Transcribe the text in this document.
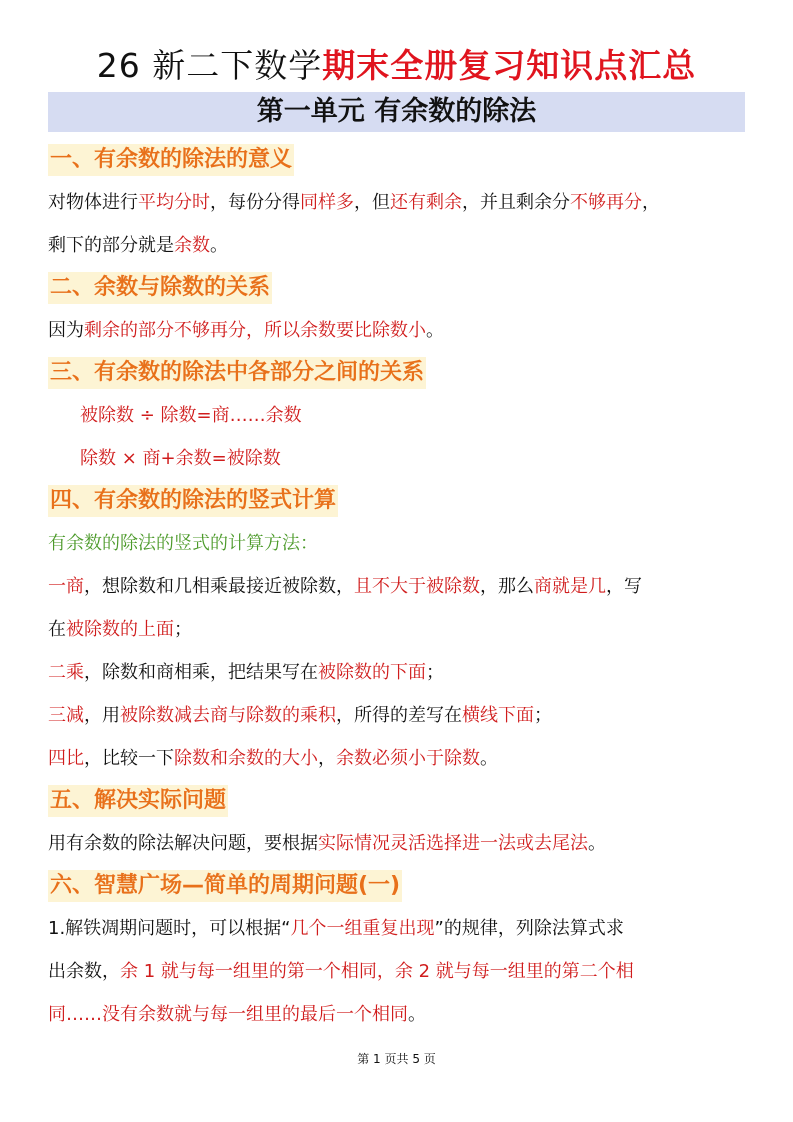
26 新二下数学期末全册复习知识点汇总
第一单元 有余数的除法
一、有余数的除法的意义
对物体进行平均分时，每份分得同样多，但还有剩余，并且剩余分不够再分，
剩下的部分就是余数。
二、余数与除数的关系
因为剩余的部分不够再分，所以余数要比除数小。
三、有余数的除法中各部分之间的关系
被除数 ÷ 除数=商……余数
除数 × 商+余数=被除数
四、有余数的除法的竖式计算
有余数的除法的竖式的计算方法：
一商，想除数和几相乘最接近被除数，且不大于被除数，那么商就是几，写
在被除数的上面；
二乘，除数和商相乘，把结果写在被除数的下面；
三减，用被除数减去商与除数的乘积，所得的差写在横线下面；
四比，比较一下除数和余数的大小，余数必须小于除数。
五、解决实际问题
用有余数的除法解决问题，要根据实际情况灵活选择进一法或去尾法。
六、智慧广场—简单的周期问题(一)
1.解铁凋期问题时，可以根据“几个一组重复出现”的规律，列除法算式求
出余数，余 1 就与每一组里的第一个相同，余 2 就与每一组里的第二个相
同……没有余数就与每一组里的最后一个相同。
第 1 页共 5 页
